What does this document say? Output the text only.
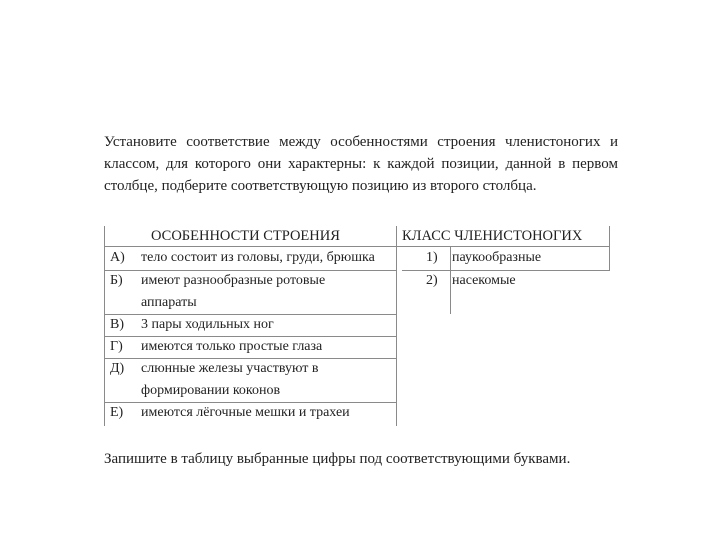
Установите соответствие между особенностями строения членистоногих и классом, для которого они характерны: к каждой позиции, данной в первом столбце, подберите соответствующую позицию из второго столбца.
ОСОБЕННОСТИ СТРОЕНИЯ	КЛАСС ЧЛЕНИСТОНОГИХ
А) тело состоит из головы, груди, брюшка
Б) имеют разнообразные ротовые
аппараты
В) 3 пары ходильных ног
Г) имеются только простые глаза
Д) слюнные железы участвуют в
формировании коконов
Е) имеются лёгочные мешки и трахеи
1) паукообразные
2) насекомые

Запишите в таблицу выбранные цифры под соответствующими буквами.
